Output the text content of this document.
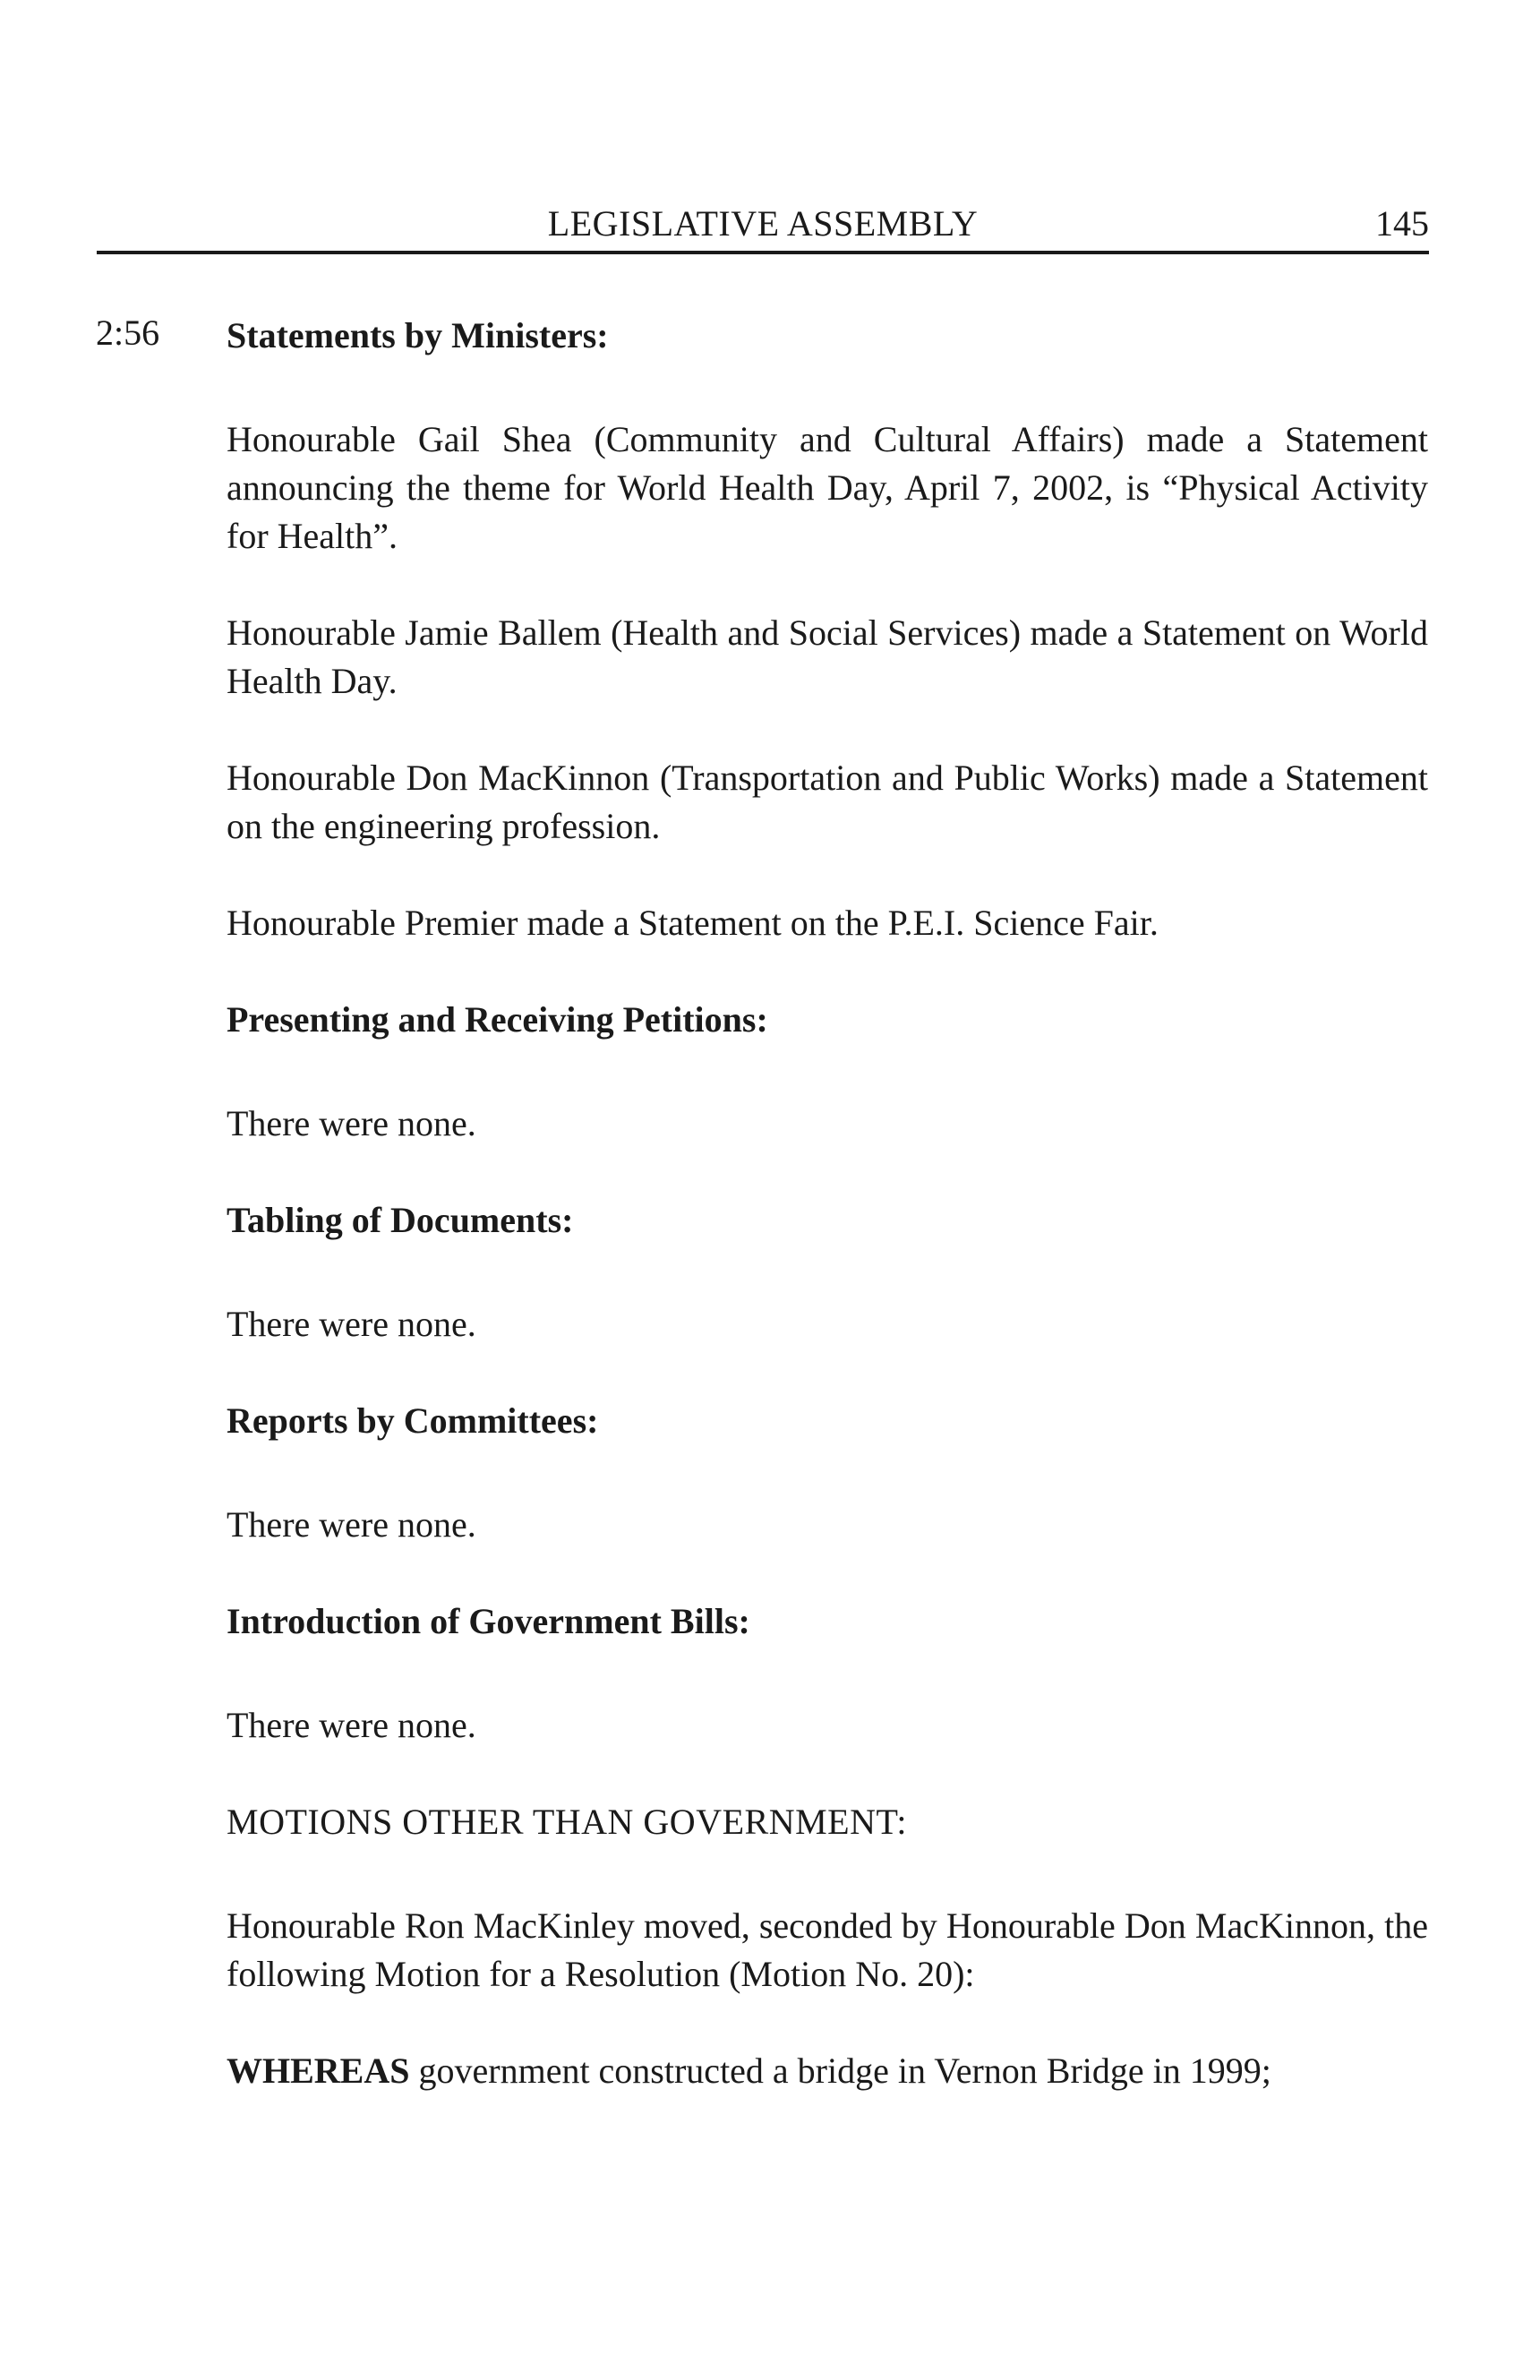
LEGISLATIVE ASSEMBLY	145
2:56 Statements by Ministers:

Honourable Gail Shea (Community and Cultural Affairs) made a Statement announcing the theme for World Health Day, April 7, 2002, is “Physical Activity for Health”.

Honourable Jamie Ballem (Health and Social Services) made a Statement on World Health Day.

Honourable Don MacKinnon (Transportation and Public Works) made a Statement on the engineering profession.

Honourable Premier made a Statement on the P.E.I. Science Fair.

Presenting and Receiving Petitions:

There were none.

Tabling of Documents:

There were none.

Reports by Committees:

There were none.

Introduction of Government Bills:

There were none.

MOTIONS OTHER THAN GOVERNMENT:

Honourable Ron MacKinley moved, seconded by Honourable Don MacKinnon, the following Motion for a Resolution (Motion No. 20):

WHEREAS government constructed a bridge in Vernon Bridge in 1999;
